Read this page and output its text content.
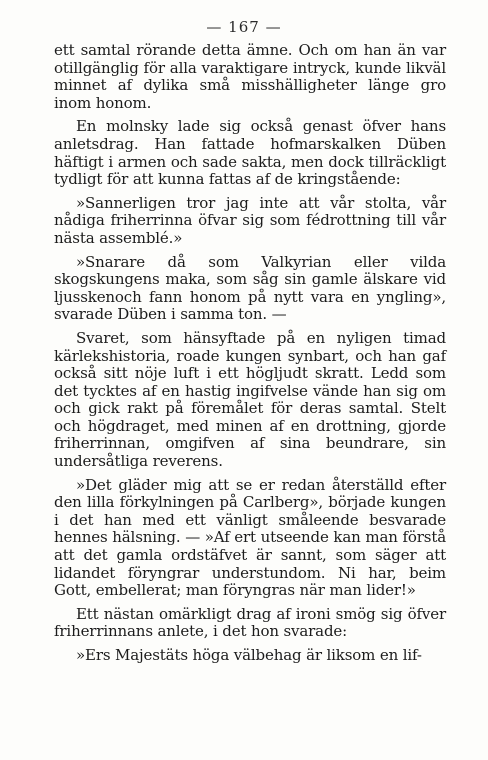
— 167 —

ett samtal rörande detta ämne. Och om han än var otillgänglig för alla varaktigare intryck, kunde likväl minnet af dylika små misshälligheter länge gro inom honom.

En molnsky lade sig också genast öfver hans anletsdrag. Han fattade hofmarskalken Düben häftigt i armen och sade sakta, men dock tillräckligt tydligt för att kunna fattas af de kringstående:

»Sannerligen tror jag inte att vår stolta, vår nådiga friherrinna öfvar sig som fédrottning till vår nästa assemblé.»

»Snarare då som Valkyrian eller vilda skogskungens maka, som såg sin gamle älskare vid ljusskenoch fann honom på nytt vara en yngling», svarade Düben i samma ton. —

Svaret, som hänsyftade på en nyligen timad kärlekshistoria, roade kungen synbart, och han gaf också sitt nöje luft i ett högljudt skratt. Ledd som det tycktes af en hastig ingifvelse vände han sig om och gick rakt på föremålet för deras samtal. Stelt och högdraget, med minen af en drottning, gjorde friherrinnan, omgifven af sina beundrare, sin undersåtliga reverens.

»Det gläder mig att se er redan återställd efter den lilla förkylningen på Carlberg», började kungen i det han med ett vänligt småleende besvarade hennes hälsning. — »Af ert utseende kan man förstå att det gamla ordstäfvet är sannt, som säger att lidandet föryngrar understundom. Ni har, beim Gott, embellerat; man föryngras när man lider!»

Ett nästan omärkligt drag af ironi smög sig öfver friherrinnans anlete, i det hon svarade:

»Ers Majestäts höga välbehag är liksom en lif-
